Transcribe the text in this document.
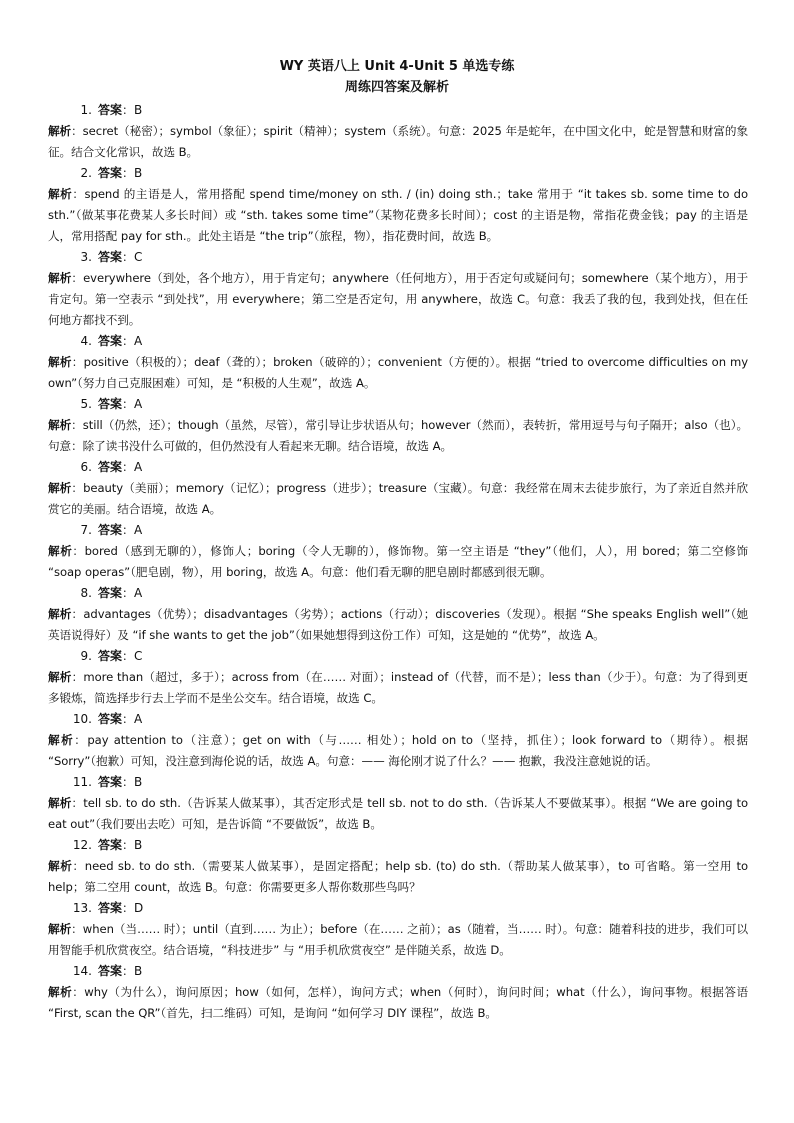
WY 英语八上 Unit 4-Unit 5 单选专练
周练四答案及解析

1. 答案：B

解析：secret（秘密）；symbol（象征）；spirit（精神）；system（系统）。句意：2025 年是蛇年，在中国文化中，蛇是智慧和财富的象征。结合文化常识，故选 B。

2. 答案：B

解析：spend 的主语是人，常用搭配 spend time/money on sth. / (in) doing sth.；take 常用于 “it takes sb. some time to do sth.”（做某事花费某人多长时间）或 “sth. takes some time”（某物花费多长时间）；cost 的主语是物，常指花费金钱；pay 的主语是人，常用搭配 pay for sth.。此处主语是 “the trip”（旅程，物），指花费时间，故选 B。

3. 答案：C

解析：everywhere（到处，各个地方），用于肯定句；anywhere（任何地方），用于否定句或疑问句；somewhere（某个地方），用于肯定句。第一空表示 “到处找”，用 everywhere；第二空是否定句，用 anywhere，故选 C。句意：我丢了我的包，我到处找，但在任何地方都找不到。

4. 答案：A

解析：positive（积极的）；deaf（聋的）；broken（破碎的）；convenient（方便的）。根据 “tried to overcome difficulties on my own”（努力自己克服困难）可知，是 “积极的人生观”，故选 A。

5. 答案：A

解析：still（仍然，还）；though（虽然，尽管），常引导让步状语从句；however（然而），表转折，常用逗号与句子隔开；also（也）。句意：除了读书没什么可做的，但仍然没有人看起来无聊。结合语境，故选 A。

6. 答案：A

解析：beauty（美丽）；memory（记忆）；progress（进步）；treasure（宝藏）。句意：我经常在周末去徒步旅行，为了亲近自然并欣赏它的美丽。结合语境，故选 A。

7. 答案：A

解析：bored（感到无聊的），修饰人；boring（令人无聊的），修饰物。第一空主语是 “they”（他们，人），用 bored；第二空修饰 “soap operas”（肥皂剧，物），用 boring，故选 A。句意：他们看无聊的肥皂剧时都感到很无聊。

8. 答案：A

解析：advantages（优势）；disadvantages（劣势）；actions（行动）；discoveries（发现）。根据 “She speaks English well”（她英语说得好）及 “if she wants to get the job”（如果她想得到这份工作）可知，这是她的 “优势”，故选 A。

9. 答案：C

解析：more than（超过，多于）；across from（在…… 对面）；instead of（代替，而不是）；less than（少于）。句意：为了得到更多锻炼，简选择步行去上学而不是坐公交车。结合语境，故选 C。

10. 答案：A

解析：pay attention to（注意）；get on with（与…… 相处）；hold on to（坚持，抓住）；look forward to（期待）。根据 “Sorry”（抱歉）可知，没注意到海伦说的话，故选 A。句意：—— 海伦刚才说了什么？—— 抱歉，我没注意她说的话。

11. 答案：B

解析：tell sb. to do sth.（告诉某人做某事），其否定形式是 tell sb. not to do sth.（告诉某人不要做某事）。根据 “We are going to eat out”（我们要出去吃）可知，是告诉简 “不要做饭”，故选 B。

12. 答案：B

解析：need sb. to do sth.（需要某人做某事），是固定搭配；help sb. (to) do sth.（帮助某人做某事），to 可省略。第一空用 to help；第二空用 count，故选 B。句意：你需要更多人帮你数那些鸟吗？

13. 答案：D

解析：when（当…… 时）；until（直到…… 为止）；before（在…… 之前）；as（随着，当…… 时）。句意：随着科技的进步，我们可以用智能手机欣赏夜空。结合语境，“科技进步” 与 “用手机欣赏夜空” 是伴随关系，故选 D。

14. 答案：B

解析：why（为什么），询问原因；how（如何，怎样），询问方式；when（何时），询问时间；what（什么），询问事物。根据答语 “First, scan the QR”（首先，扫二维码）可知，是询问 “如何学习 DIY 课程”，故选 B。
